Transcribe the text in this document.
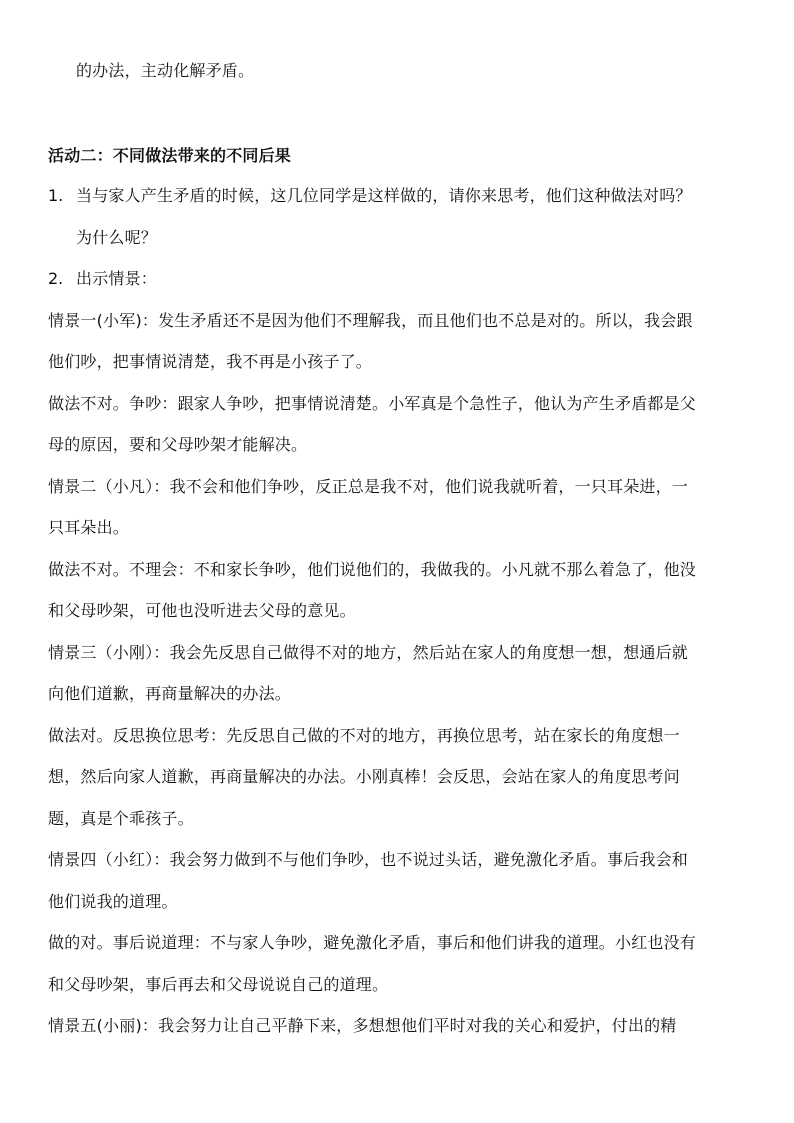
的办法，主动化解矛盾。
活动二：不同做法带来的不同后果
1. 当与家人产生矛盾的时候，这几位同学是这样做的，请你来思考，他们这种做法对吗？
为什么呢？
2. 出示情景：
情景一(小军)：发生矛盾还不是因为他们不理解我，而且他们也不总是对的。所以，我会跟
他们吵，把事情说清楚，我不再是小孩子了。
做法不对。争吵：跟家人争吵，把事情说清楚。小军真是个急性子，他认为产生矛盾都是父
母的原因，要和父母吵架才能解决。
情景二（小凡）：我不会和他们争吵，反正总是我不对，他们说我就听着，一只耳朵进，一
只耳朵出。
做法不对。不理会：不和家长争吵，他们说他们的，我做我的。小凡就不那么着急了，他没
和父母吵架，可他也没听进去父母的意见。
情景三（小刚）：我会先反思自己做得不对的地方，然后站在家人的角度想一想，想通后就
向他们道歉，再商量解决的办法。
做法对。反思换位思考：先反思自己做的不对的地方，再换位思考，站在家长的角度想一
想，然后向家人道歉，再商量解决的办法。小刚真棒！会反思，会站在家人的角度思考问
题，真是个乖孩子。
情景四（小红）：我会努力做到不与他们争吵，也不说过头话，避免激化矛盾。事后我会和
他们说我的道理。
做的对。事后说道理：不与家人争吵，避免激化矛盾，事后和他们讲我的道理。小红也没有
和父母吵架，事后再去和父母说说自己的道理。
情景五(小丽)：我会努力让自己平静下来，多想想他们平时对我的关心和爱护，付出的精
